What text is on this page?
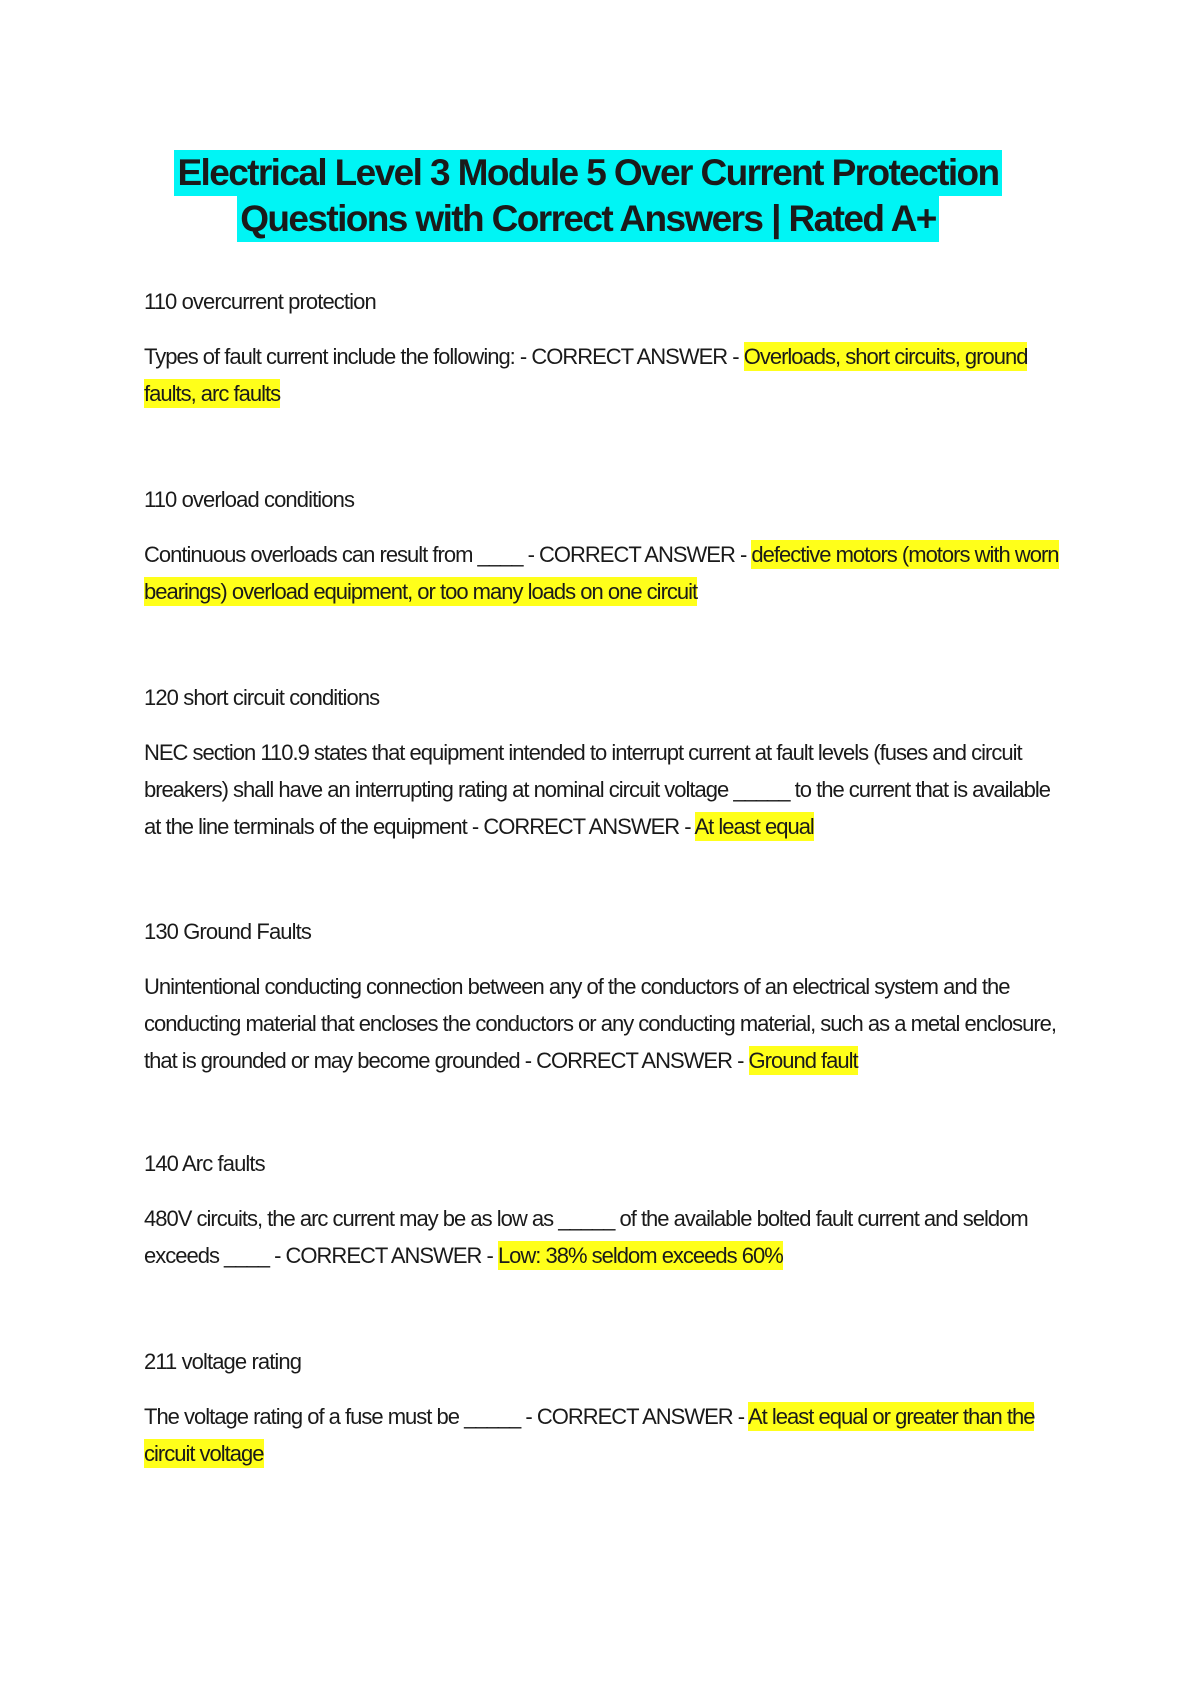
Electrical Level 3 Module 5 Over Current Protection
Questions with Correct Answers | Rated A+

110 overcurrent protection

Types of fault current include the following: - CORRECT ANSWER - Overloads, short circuits, ground faults, arc faults

110 overload conditions

Continuous overloads can result from ____ - CORRECT ANSWER - defective motors (motors with worn bearings) overload equipment, or too many loads on one circuit

120 short circuit conditions

NEC section 110.9 states that equipment intended to interrupt current at fault levels (fuses and circuit breakers) shall have an interrupting rating at nominal circuit voltage _____ to the current that is available at the line terminals of the equipment - CORRECT ANSWER - At least equal

130 Ground Faults

Unintentional conducting connection between any of the conductors of an electrical system and the conducting material that encloses the conductors or any conducting material, such as a metal enclosure, that is grounded or may become grounded - CORRECT ANSWER - Ground fault

140 Arc faults

480V circuits, the arc current may be as low as _____ of the available bolted fault current and seldom exceeds ____ - CORRECT ANSWER - Low: 38% seldom exceeds 60%

211 voltage rating

The voltage rating of a fuse must be _____ - CORRECT ANSWER - At least equal or greater than the circuit voltage
